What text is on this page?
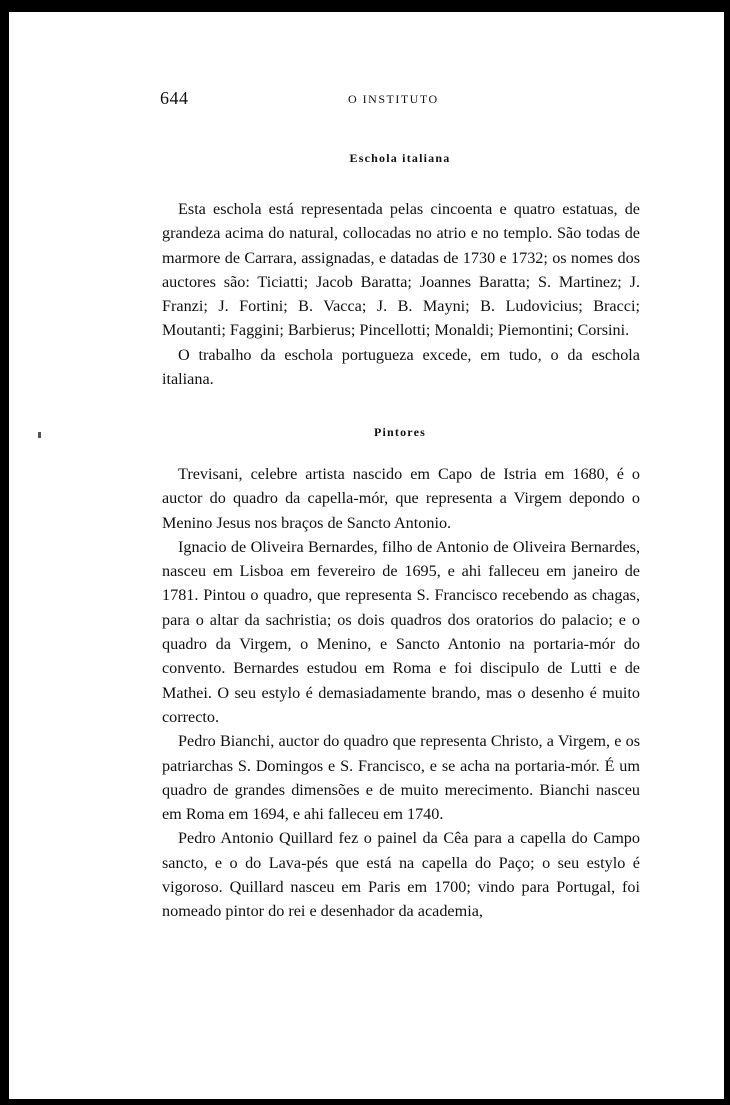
644	O INSTITUTO
Eschola italiana

Esta eschola está representada pelas cincoenta e quatro estatuas, de grandeza acima do natural, collocadas no atrio e no templo. São todas de marmore de Carrara, assignadas, e datadas de 1730 e 1732; os nomes dos auctores são: Ticiatti; Jacob Baratta; Joannes Baratta; S. Martinez; J. Franzi; J. Fortini; B. Vacca; J. B. Mayni; B. Ludovicius; Bracci; Moutanti; Faggini; Barbierus; Pincellotti; Monaldi; Piemontini; Corsini.

O trabalho da eschola portugueza excede, em tudo, o da eschola italiana.

Pintores

Trevisani, celebre artista nascido em Capo de Istria em 1680, é o auctor do quadro da capella-mór, que representa a Virgem depondo o Menino Jesus nos braços de Sancto Antonio.

Ignacio de Oliveira Bernardes, filho de Antonio de Oliveira Bernardes, nasceu em Lisboa em fevereiro de 1695, e ahi falleceu em janeiro de 1781. Pintou o quadro, que representa S. Francisco recebendo as chagas, para o altar da sachristia; os dois quadros dos oratorios do palacio; e o quadro da Virgem, o Menino, e Sancto Antonio na portaria-mór do convento. Bernardes estudou em Roma e foi discipulo de Lutti e de Mathei. O seu estylo é demasiadamente brando, mas o desenho é muito correcto.

Pedro Bianchi, auctor do quadro que representa Christo, a Virgem, e os patriarchas S. Domingos e S. Francisco, e se acha na portaria-mór. É um quadro de grandes dimensões e de muito merecimento. Bianchi nasceu em Roma em 1694, e ahi falleceu em 1740.

Pedro Antonio Quillard fez o painel da Cêa para a capella do Campo sancto, e o do Lava-pés que está na capella do Paço; o seu estylo é vigoroso. Quillard nasceu em Paris em 1700; vindo para Portugal, foi nomeado pintor do rei e desenhador da academia,
